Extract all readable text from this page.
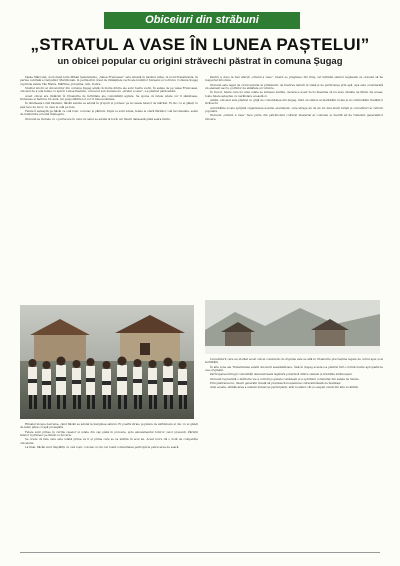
Obiceiuri din străbuni
„STRATUL A VASE ÎN LUNEA PAȘTELUI”
un obicei popular cu origini străvechi păstrat în comuna Șugag

Vasile Mărculeț, doctorand Iuliu Mihail Şadensteinu, „Valea Frumoasei” este situată în bazinul Albei, în nord-Transilvania. În partea centrală a Carpaților Meridionali, în perimetrul creat de rămășițele vechi ale munților Șureanu și Lotrului. Comuna Șugag cuprinde satele Tău Bistra, Mărtinie, Jidoștina, Arți, Dobra.

Studiul istoric al obiceiurilor din comuna Șugag arată că multe dintre ele sunt foarte vechi. În satele de pe valea Frumoasei, obiceiul de a uda fetele cu apă în Lunea Paștelui, cunoscut sub numele de „stratul a vase”, s-a păstrat până astăzi.

Acest obicei are rădăcini în ritualurile de fertilitate ale comunității agrare. Se spune că fetele udate vor fi sănătoase, frumoase și harnice tot anul, iar gospodăriile lor vor fi binecuvântate.

În dimineața Lunii Paștelui, flăcăii satului se adună în grupuri și pornesc pe la casele fetelor de măritat. Ei duc cu ei găleți cu apă rece de izvor, cu care le udă pe fete.

Fetele îi așteaptă pe flăcăi cu ouă roșii, cozonac și pălincă. După ce sunt udate, fetele le oferă flăcăilor ouă încondeiate, semn de mulțumire și bună înțelegere.

Obiceiul se încheie cu o petrecere în care tot satul se adună la horă, iar tinerii dansează până seara târziu.

Pentru a duce la bun sfârșit „stratul a vase”, tinerii se pregătesc din timp, iar bătrânii satului veghează ca obiceiul să fie respectat întocmai.

Obiceiul este legat de ciclul natural al primăverii, de trezirea naturii la viață și de purificarea prin apă. Apa este considerată un element sacru, purtător de sănătate și rodnicie.

În trecut, fetele care nu erau udate se simțeau umilite, deoarece acest lucru însemna că nu erau căutate de flăcăi. De aceea, toate fetele așteptau cu nerăbdare această zi.

Astăzi, obiceiul este păstrat cu grijă de comunitatea din Șugag, fiind un simbol al identității locale și al continuității tradițiilor străvechi.

Autoritățile locale sprijină organizarea acestui eveniment, care atrage an de an tot mai mulți turiști și cercetători ai culturii populare.

Obiceiul „stratul a vase” face parte din patrimoniul cultural imaterial al comunei și merită să fie transmis generațiilor viitoare.

Ritualul începe devreme, când flăcăii se adună la marginea satului. Ei poartă straie populare de sărbătoare și duc cu ei găleți de lemn pline cu apă proaspătă.

Fetele sunt prinse în curțile caselor și udate din cap până în picioare, spre amuzamentul tuturor celor prezenți. Părinții fetelor îi primesc pe flăcăi cu bucurie.

Se crede că fata care este udată prima va fi și prima care se va mărita în acel an. Acest lucru dă o notă de competiție obiceiului.

La final, flăcăii sunt răsplătiți cu ouă roșii, cozonac și vin, iar toată comunitatea participă la petrecerea de seară.

Cercetătorii care au studiat acest obicei consideră că originile sale se află în ritualurile precreștine legate de cultul apei și al fertilității.

În alte zone ale Transilvaniei există obiceiuri asemănătoare, însă în Șugag acesta s-a păstrat într-o formă foarte apropiată de cea originală.

Participarea întregii comunități demonstrează legătura puternică dintre oameni și tradițiile strămoșești.

Obiceiul reprezintă o mărturie vie a culturii populare românești și a spiritului comunitar din satele de munte.

Prin păstrarea lui, tinerii generații învață să prețuiască moștenirea culturală lăsată de înaintași.

Anul acesta, sărbătoarea a adunat numeroși participanți, atât localnici cât și oaspeți veniți din alte localități.
